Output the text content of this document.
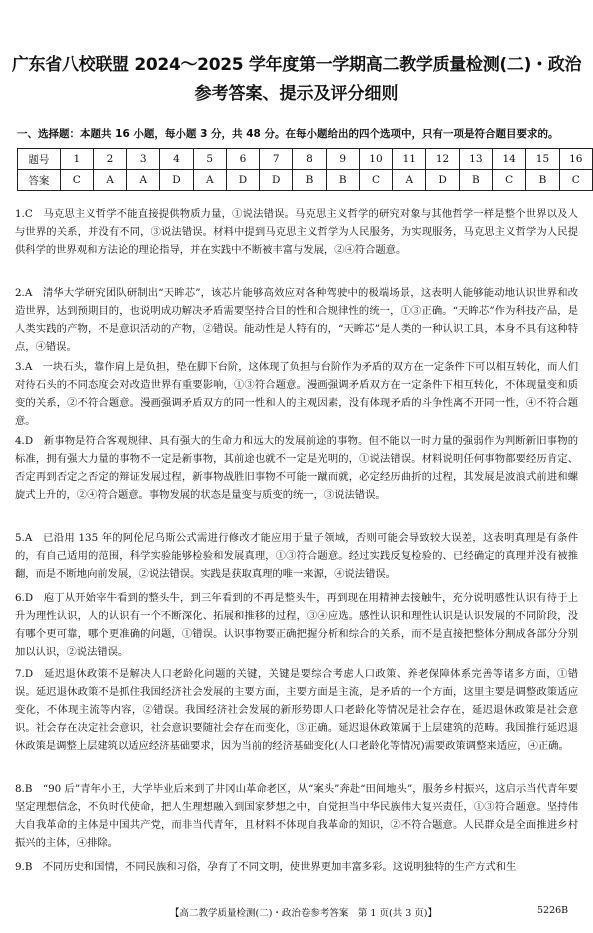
广东省八校联盟 2024～2025 学年度第一学期高二教学质量检测(二)・政治
参考答案、提示及评分细则
一、选择题：本题共 16 小题，每小题 3 分，共 48 分。在每小题给出的四个选项中，只有一项是符合题目要求的。
题号	1	2	3	4	5	6	7	8	9	10	11	12	13	14	15	16
答案	C	A	A	D	A	D	D	B	B	C	A	D	B	C	B	C
1.C　马克思主义哲学不能直接提供物质力量，①说法错误。马克思主义哲学的研究对象与其他哲学一样是整个世界以及人与世界的关系，并没有不同，③说法错误。材料中提到马克思主义哲学为人民服务，为实现服务，马克思主义哲学为人民提供科学的世界观和方法论的理论指导，并在实践中不断被丰富与发展，②④符合题意。
2.A　清华大学研究团队研制出“天眸芯”，该芯片能够高效应对各种驾驶中的极端场景，这表明人能够能动地认识世界和改造世界，达到预期目的，也说明成功解决矛盾需要坚持合目的性和合规律性的统一，①③正确。“天眸芯”作为科技产品，是人类实践的产物，不是意识活动的产物，②错误。能动性是人特有的，“天眸芯”是人类的一种认识工具，本身不具有这种特点，④错误。
3.A　一块石头，靠作肩上是负担，垫在脚下台阶，这体现了负担与台阶作为矛盾的双方在一定条件下可以相互转化，而人们对待石头的不同态度会对改造世界有重要影响，①③符合题意。漫画强调矛盾双方在一定条件下相互转化，不体现量变和质变的关系，②不符合题意。漫画强调矛盾双方的同一性和人的主观因素，没有体现矛盾的斗争性离不开同一性，④不符合题意。
4.D　新事物是符合客观规律、具有强大的生命力和远大的发展前途的事物。但不能以一时力量的强弱作为判断新旧事物的标准，拥有强大力量的事物不一定是新事物，其前途也就不一定是光明的，①说法错误。材料说明任何事物都要经历肯定、否定再到否定之否定的辩证发展过程，新事物战胜旧事物不可能一蹴而就，必定经历曲折的过程，其发展是波浪式前进和螺旋式上升的，②④符合题意。事物发展的状态是量变与质变的统一，③说法错误。
5.A　已沿用 135 年的阿伦尼乌斯公式需进行修改才能应用于量子领域，否则可能会导致较大误差，这表明真理是有条件的，有自己适用的范围，科学实验能够检验和发展真理，①③符合题意。经过实践反复检验的、已经确定的真理并没有被推翻，而是不断地向前发展，②说法错误。实践是获取真理的唯一来源，④说法错误。
6.D　庖丁从开始宰牛看到的整头牛，到三年看到的不再是整头牛，再到现在用精神去接触牛，充分说明感性认识有待于上升为理性认识，人的认识有一个不断深化、拓展和推移的过程，③④应选。感性认识和理性认识是认识发展的不同阶段，没有哪个更可靠，哪个更准确的问题，①错误。认识事物要正确把握分析和综合的关系，而不是直接把整体分割成各部分分别加以认识，②说法错误。
7.D　延迟退休政策不是解决人口老龄化问题的关键，关键是要综合考虑人口政策、养老保障体系完善等诸多方面，①错误。延迟退休政策不是抓住我国经济社会发展的主要方面，主要方面是主流，是矛盾的一个方面，这里主要是调整政策适应变化，不体现主流等内容，②错误。我国经济社会发展的新形势即人口老龄化等情况是社会存在，延迟退休政策是社会意识。社会存在决定社会意识，社会意识要随社会存在而变化，③正确。延迟退休政策属于上层建筑的范畴。我国推行延迟退休政策是调整上层建筑以适应经济基础要求，因为当前的经济基础变化(人口老龄化等情况)需要政策调整来适应，④正确。
8.B　“90 后”青年小王，大学毕业后来到了井冈山革命老区，从“案头”奔赴“田间地头”，服务乡村振兴，这启示当代青年要坚定理想信念，不负时代使命，把人生理想融入到国家梦想之中，自觉担当中华民族伟大复兴责任，①③符合题意。坚持伟大自我革命的主体是中国共产党，而非当代青年，且材料不体现自我革命的知识，②不符合题意。人民群众是全面推进乡村振兴的主体，④排除。
9.B　不同历史和国情，不同民族和习俗，孕育了不同文明，使世界更加丰富多彩。这说明独特的生产方式和生
【高二教学质量检测(二)・政治卷参考答案　第 1 页(共 3 页)】	5226B
